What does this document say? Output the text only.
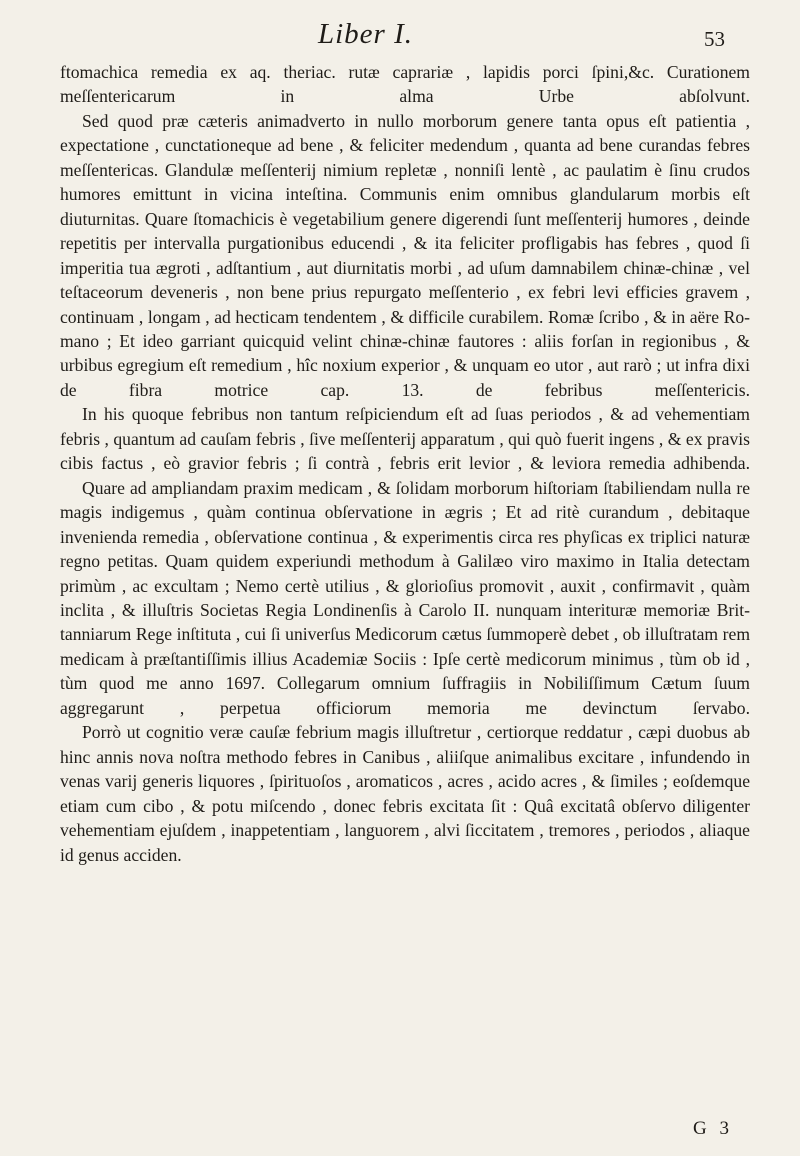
Liber I.	53

ftomachica remedia ex aq. theriac. rutæ caprariæ , lapidis porci ſpini,&c. Curationem meſſentericarum in alma Urbe abſolvunt.

Sed quod præ cæteris animadverto in nullo morborum genere tanta opus eſt patientia , expectatione , cunctationeque ad bene , & feliciter medendum , quanta ad bene curandas febres meſſentericas. Glandulæ meſſenterij nimium repletæ , nonniſi lentè , ac paulatim è ſinu crudos humores emittunt in vicina inteſtina. Communis enim omnibus glandularum morbis eſt diuturnitas. Quare ſtomachicis è vegetabilium genere digerendi ſunt meſſenterij humores , deinde repetitis per intervalla purgationibus educendi , & ita feliciter profligabis has febres , quod ſi imperitia tua ægroti , adſtantium , aut diurnitatis morbi , ad uſum damnabilem chinæ-chinæ , vel teſtaceorum deveneris , non bene prius repurgato meſſenterio , ex febri levi efficies gravem , continuam , longam , ad hecticam tendentem , & difficile curabilem. Romæ ſcribo , & in aëre Romano ; Et ideo garriant quicquid velint chinæ-chinæ fautores : aliis forſan in regionibus , & urbibus egregium eſt remedium , hîc noxium experior , & unquam eo utor , aut rarò ; ut infra dixi de fibra motrice cap. 13. de febribus meſſentericis.

In his quoque febribus non tantum reſpiciendum eſt ad ſuas periodos , & ad vehementiam febris , quantum ad cauſam febris , ſive meſſenterij apparatum , qui quò fuerit ingens , & ex pravis cibis factus , eò gravior febris ; ſi contrà , febris erit levior , & leviora remedia adhibenda.

Quare ad ampliandam praxim medicam , & ſolidam morborum hiſtoriam ſtabiliendam nulla re magis indigemus , quàm continua obſervatione in ægris ; Et ad ritè curandum , debitaque invenienda remedia , obſervatione continua , & experimentis circa res phyſicas ex triplici naturæ regno petitas. Quam quidem experiundi methodum à Galilæo viro maximo in Italia detectam primùm , ac excultam ; Nemo certè utilius , & glorioſius promovit , auxit , confirmavit , quàm inclita , & illuſtris Societas Regia Londinenſis à Carolo II. nunquam interituræ memoriæ Brittanniarum Rege inſtituta , cui ſi univerſus Medicorum cætus ſummoperè debet , ob illuſtratam rem medicam à præſtantiſſimis illius Academiæ Sociis : Ipſe certè medicorum minimus , tùm ob id , tùm quod me anno 1697. Collegarum omnium ſuffragiis in Nobiliſſimum Cætum ſuum aggregarunt , perpetua officiorum memoria me devinctum ſervabo.

Porrò ut cognitio veræ cauſæ febrium magis illuſtretur , certiorque reddatur , cæpi duobus ab hinc annis nova noſtra methodo febres in Canibus , aliiſque animalibus excitare , infundendo in venas varij generis liquores , ſpirituoſos , aromaticos , acres , acido acres , & ſimiles ; eoſdemque etiam cum cibo , & potu miſcendo , donec febris excitata ſit : Quâ excitatâ obſervo diligenter vehementiam ejuſdem , inappetentiam , languorem , alvi ſiccitatem , tremores , periodos , aliaque id genus acciden.

G 3
